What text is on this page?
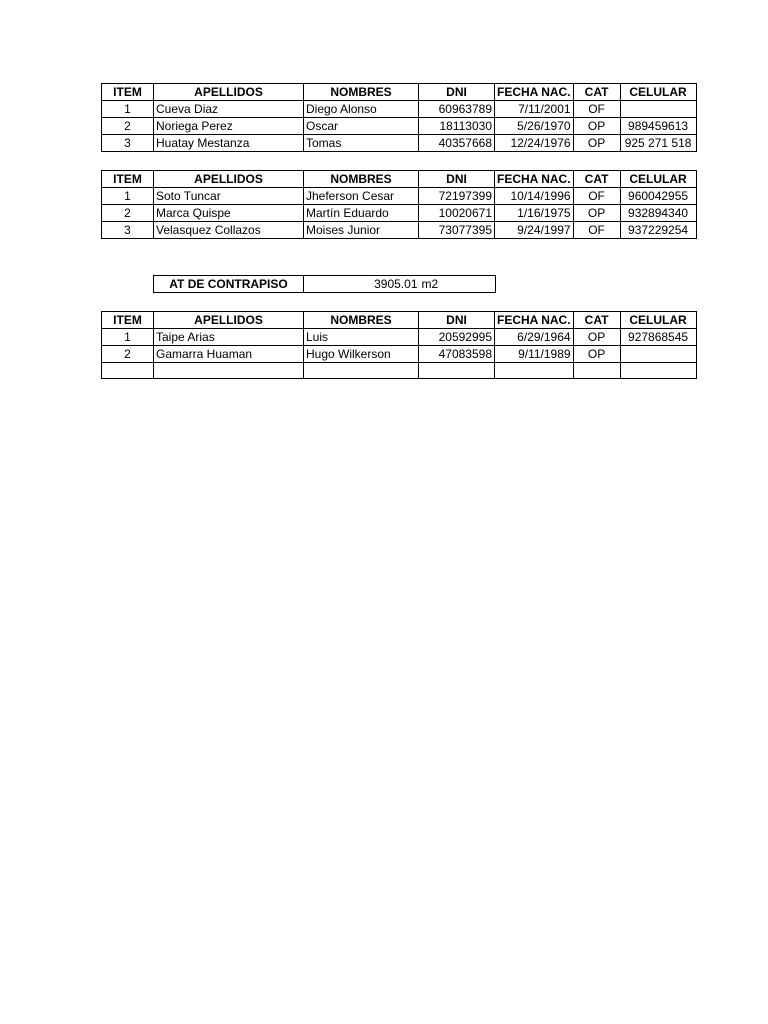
ITEM	APELLIDOS	NOMBRES	DNI	FECHA NAC.	CAT	CELULAR
1	Cueva Diaz	Diego Alonso	60963789	7/11/2001	OF	
2	Noriega Perez	Oscar	18113030	5/26/1970	OP	989459613
3	Huatay Mestanza	Tomas	40357668	12/24/1976	OP	925 271 518
ITEM	APELLIDOS	NOMBRES	DNI	FECHA NAC.	CAT	CELULAR
1	Soto Tuncar	Jheferson Cesar	72197399	10/14/1996	OF	960042955
2	Marca Quispe	Martín Eduardo	10020671	1/16/1975	OP	932894340
3	Velasquez Collazos	Moises Junior	73077395	9/24/1997	OF	937229254
AT DE CONTRAPISO	3905.01	m2
ITEM	APELLIDOS	NOMBRES	DNI	FECHA NAC.	CAT	CELULAR
1	Taipe Arias	Luis	20592995	6/29/1964	OP	927868545
2	Gamarra Huaman	Hugo Wilkerson	47083598	9/11/1989	OP	
